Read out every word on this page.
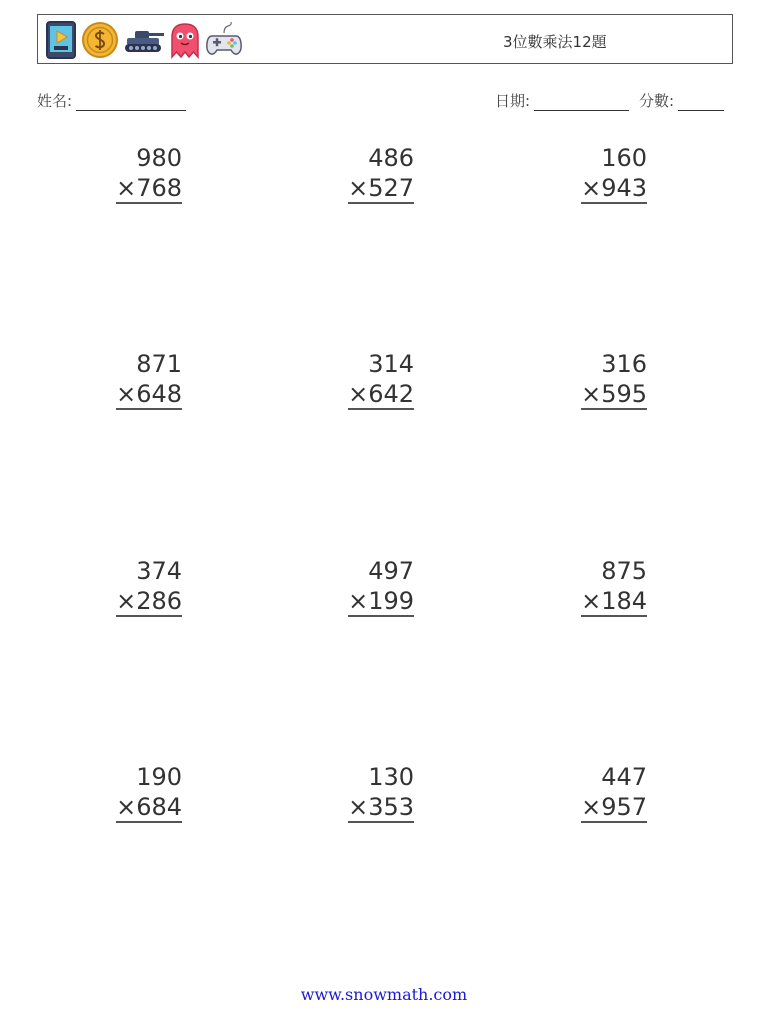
3位數乘法12題
姓名:	日期:	分數:
980
×768
486
×527
160
×943
871
×648
314
×642
316
×595
374
×286
497
×199
875
×184
190
×684
130
×353
447
×957
www.snowmath.com
